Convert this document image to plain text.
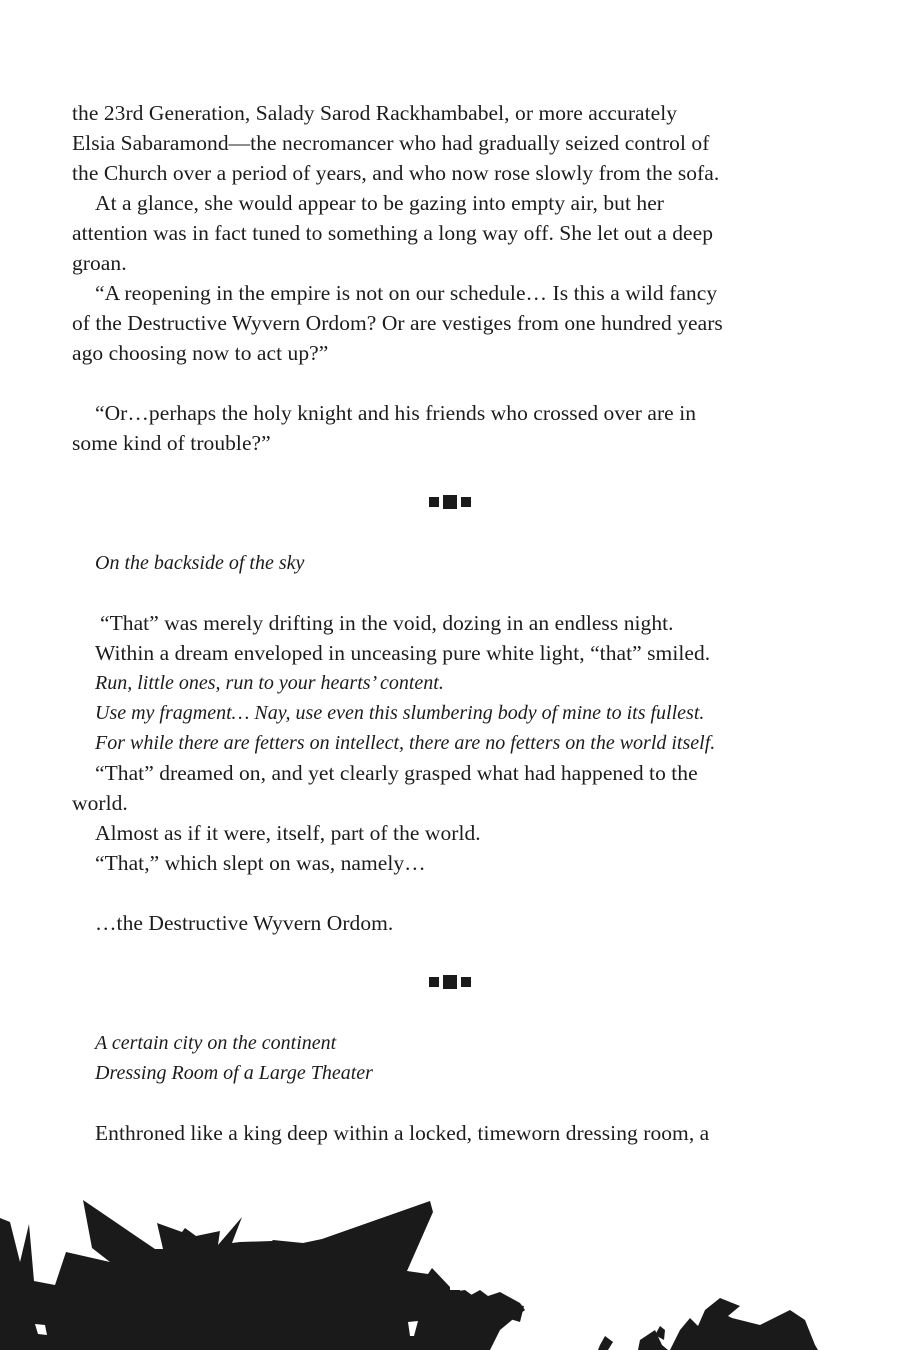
the 23rd Generation, Salady Sarod Rackhambabel, or more accurately
Elsia Sabaramond—the necromancer who had gradually seized control of
the Church over a period of years, and who now rose slowly from the sofa.
At a glance, she would appear to be gazing into empty air, but her
attention was in fact tuned to something a long way off. She let out a deep
groan.
“A reopening in the empire is not on our schedule… Is this a wild fancy
of the Destructive Wyvern Ordom? Or are vestiges from one hundred years
ago choosing now to act up?”
“Or…perhaps the holy knight and his friends who crossed over are in
some kind of trouble?”
On the backside of the sky
“That” was merely drifting in the void, dozing in an endless night.
Within a dream enveloped in unceasing pure white light, “that” smiled.
Run, little ones, run to your hearts’ content.
Use my fragment… Nay, use even this slumbering body of mine to its fullest.
For while there are fetters on intellect, there are no fetters on the world itself.
“That” dreamed on, and yet clearly grasped what had happened to the
world.
Almost as if it were, itself, part of the world.
“That,” which slept on was, namely…
…the Destructive Wyvern Ordom.
A certain city on the continent
Dressing Room of a Large Theater
Enthroned like a king deep within a locked, timeworn dressing room, a
